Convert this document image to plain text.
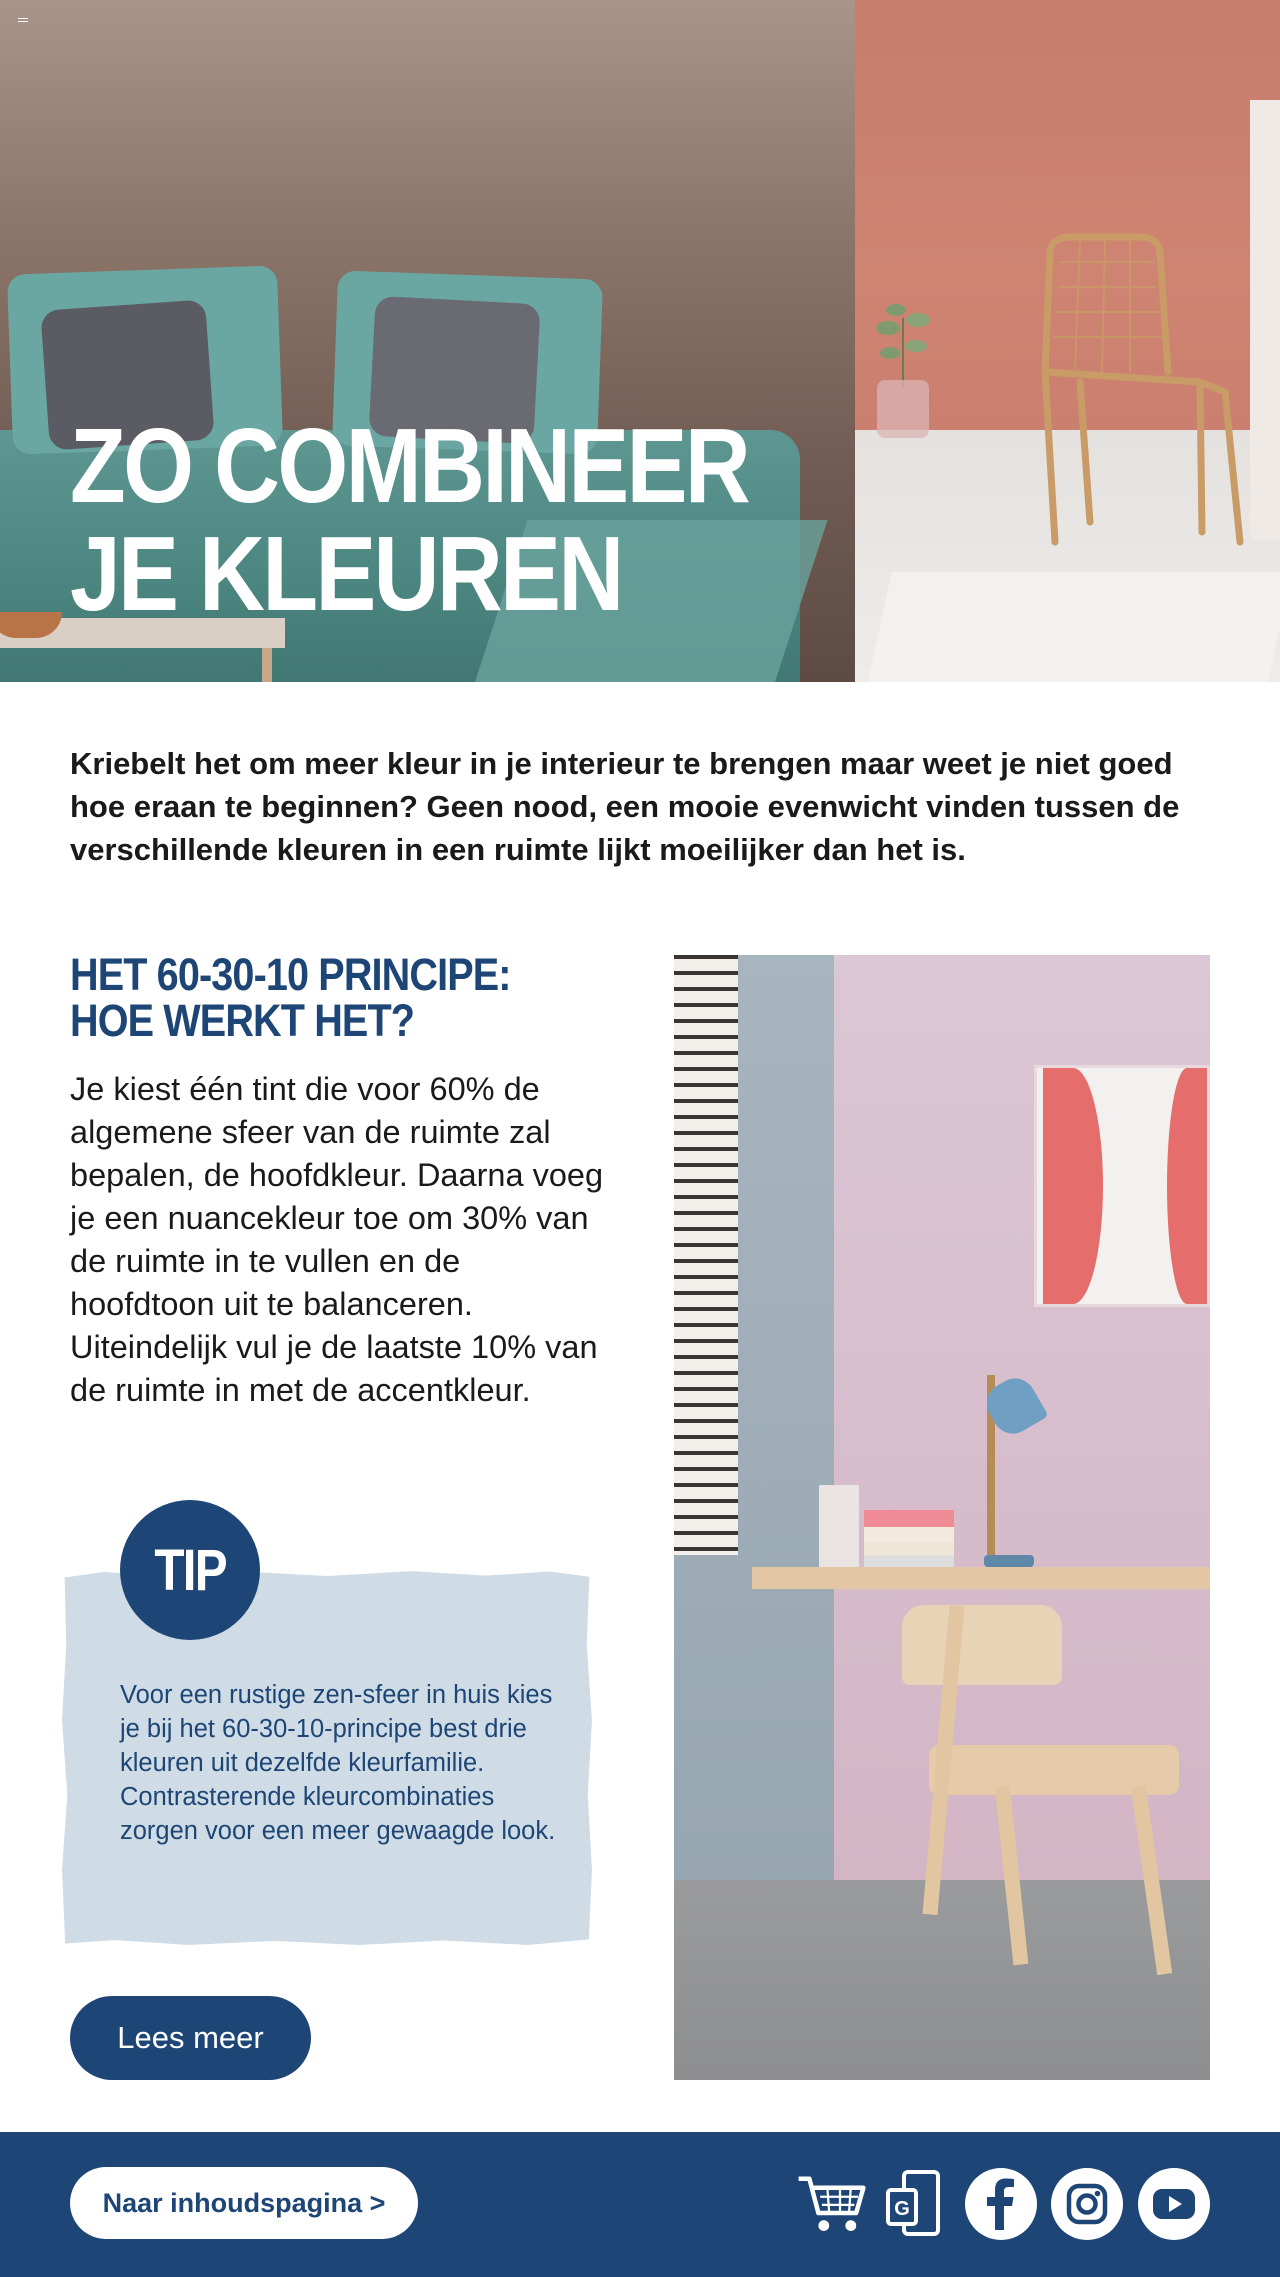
ZO COMBINEER
JE KLEUREN

Kriebelt het om meer kleur in je interieur te brengen maar weet je niet goed hoe eraan te beginnen? Geen nood, een mooie evenwicht vinden tussen de verschillende kleuren in een ruimte lijkt moeilijker dan het is.

HET 60-30-10 PRINCIPE:
HOE WERKT HET?

Je kiest één tint die voor 60% de algemene sfeer van de ruimte zal bepalen, de hoofdkleur. Daarna voeg je een nuancekleur toe om 30% van de ruimte in te vullen en de hoofdtoon uit te balanceren. Uiteindelijk vul je de laatste 10% van de ruimte in met de accentkleur.

TIP

Voor een rustige zen-sfeer in huis kies je bij het 60-30-10-principe best drie kleuren uit dezelfde kleurfamilie. Contrasterende kleurcombinaties zorgen voor een meer gewaagde look.

Lees meer
Naar inhoudspagina >	G
